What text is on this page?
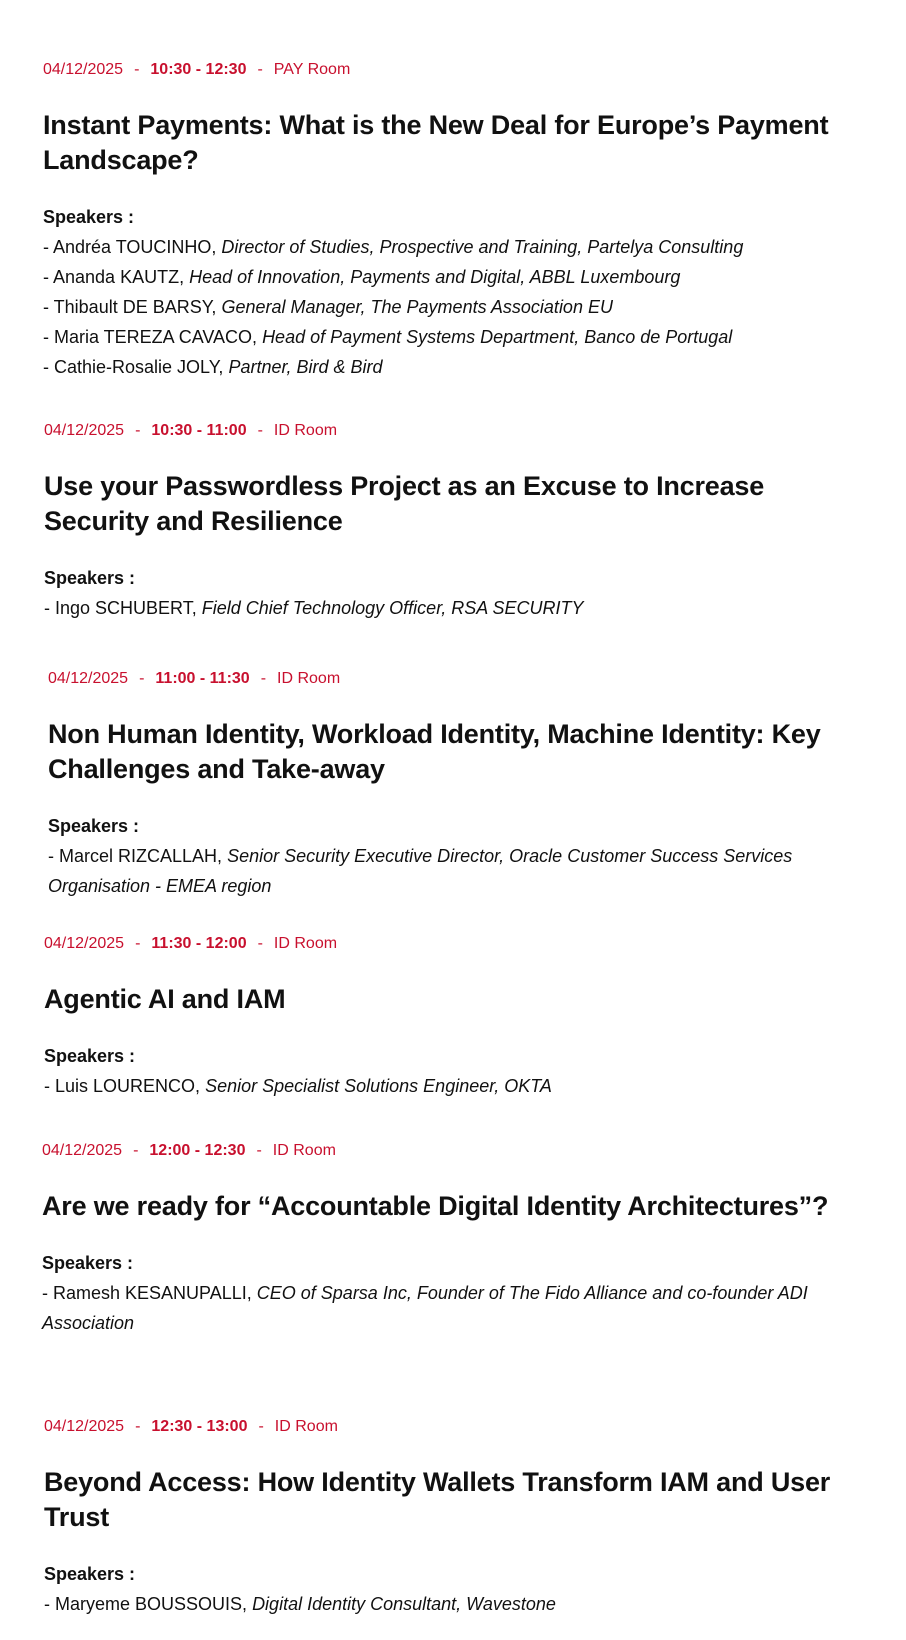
04/12/2025 - 10:30 - 12:30 - PAY Room
Instant Payments: What is the New Deal for Europe’s Payment Landscape?
Speakers :
- Andréa TOUCINHO, Director of Studies, Prospective and Training, Partelya Consulting
- Ananda KAUTZ, Head of Innovation, Payments and Digital, ABBL Luxembourg
- Thibault DE BARSY, General Manager, The Payments Association EU
- Maria TEREZA CAVACO, Head of Payment Systems Department, Banco de Portugal
- Cathie-Rosalie JOLY, Partner, Bird & Bird
04/12/2025 - 10:30 - 11:00 - ID Room
Use your Passwordless Project as an Excuse to Increase Security and Resilience
Speakers :
- Ingo SCHUBERT, Field Chief Technology Officer, RSA SECURITY
04/12/2025 - 11:00 - 11:30 - ID Room
Non Human Identity, Workload Identity, Machine Identity: Key Challenges and Take-away
Speakers :
- Marcel RIZCALLAH, Senior Security Executive Director, Oracle Customer Success Services Organisation - EMEA region
04/12/2025 - 11:30 - 12:00 - ID Room
Agentic AI and IAM
Speakers :
- Luis LOURENCO, Senior Specialist Solutions Engineer, OKTA
04/12/2025 - 12:00 - 12:30 - ID Room
Are we ready for “Accountable Digital Identity Architectures”?
Speakers :
- Ramesh KESANUPALLI, CEO of Sparsa Inc, Founder of The Fido Alliance and co-founder ADI Association
04/12/2025 - 12:30 - 13:00 - ID Room
Beyond Access: How Identity Wallets Transform IAM and User Trust
Speakers :
- Maryeme BOUSSOUIS, Digital Identity Consultant, Wavestone
